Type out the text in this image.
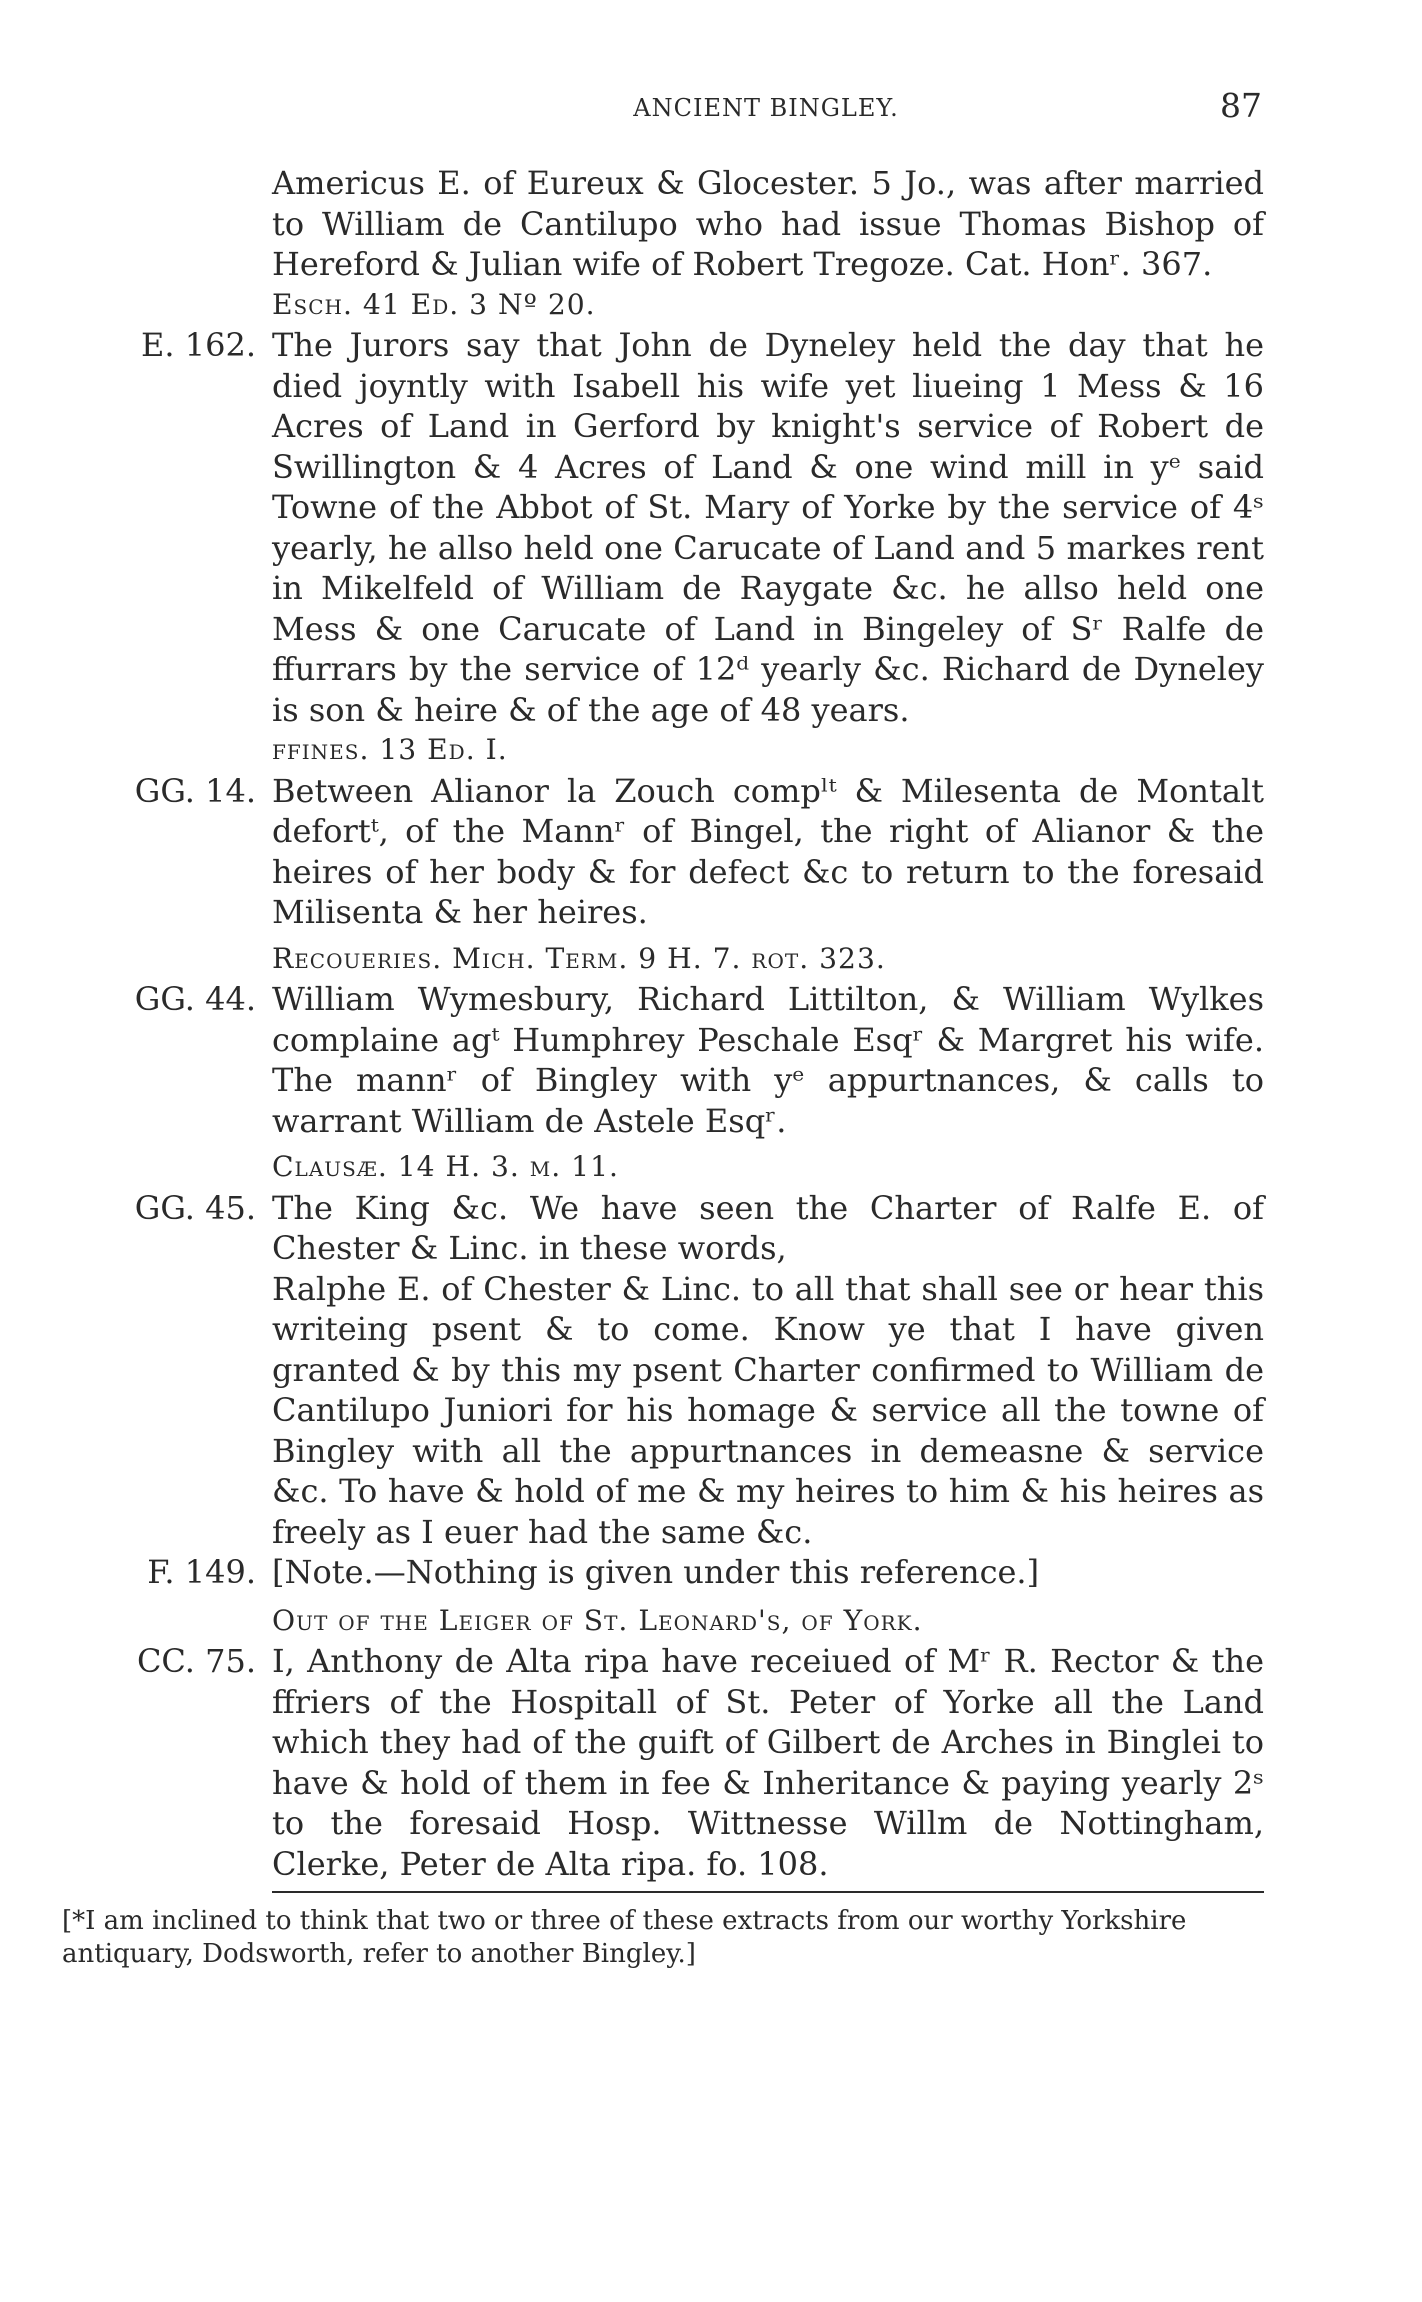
ANCIENT BINGLEY.	87
Americus E. of Eureux & Glocester. 5 Jo., was after married to William de Cantilupo who had issue Thomas Bishop of Hereford & Julian wife of Robert Tregoze. Cat. Honʳ. 367.
Esch. 41 Ed. 3 Nº 20.
E. 162. The Jurors say that John de Dyneley held the day that he died joyntly with Isabell his wife yet liueing 1 Mess & 16 Acres of Land in Gerford by knight's service of Robert de Swillington & 4 Acres of Land & one wind mill in yᵉ said Towne of the Abbot of St. Mary of Yorke by the service of 4ˢ yearly, he allso held one Carucate of Land and 5 markes rent in Mikelfeld of William de Raygate &c. he allso held one Mess & one Carucate of Land in Bingeley of Sʳ Ralfe de ffurrars by the service of 12ᵈ yearly &c. Richard de Dyneley is son & heire & of the age of 48 years.
ffines. 13 Ed. I.
GG. 14. Between Alianor la Zouch compˡᵗ & Milesenta de Montalt defortᵗ, of the Mannʳ of Bingel, the right of Alianor & the heires of her body & for defect &c to return to the foresaid Milisenta & her heires.
Recoueries. Mich. Term. 9 H. 7. rot. 323.
GG. 44. William Wymesbury, Richard Littilton, & William Wylkes complaine agᵗ Humphrey Peschale Esqʳ & Margret his wife. The mannʳ of Bingley with yᵉ appurtnances, & calls to warrant William de Astele Esqʳ.
Clausæ. 14 H. 3. m. 11.
GG. 45. The King &c. We have seen the Charter of Ralfe E. of Chester & Linc. in these words,
Ralphe E. of Chester & Linc. to all that shall see or hear this writeing psent & to come. Know ye that I have given granted & by this my psent Charter confirmed to William de Cantilupo Juniori for his homage & service all the towne of Bingley with all the appurtnances in demeasne & service &c. To have & hold of me & my heires to him & his heires as freely as I euer had the same &c.
F. 149. [Note.—Nothing is given under this reference.]
Out of the Leiger of St. Leonard's, of York.
CC. 75. I, Anthony de Alta ripa have receiued of Mʳ R. Rector & the ffriers of the Hospitall of St. Peter of Yorke all the Land which they had of the guift of Gilbert de Arches in Binglei to have & hold of them in fee & Inheritance & paying yearly 2ˢ to the foresaid Hosp. Wittnesse Willm de Nottingham, Clerke, Peter de Alta ripa. fo. 108.
[*I am inclined to think that two or three of these extracts from our worthy Yorkshire antiquary, Dodsworth, refer to another Bingley.]
